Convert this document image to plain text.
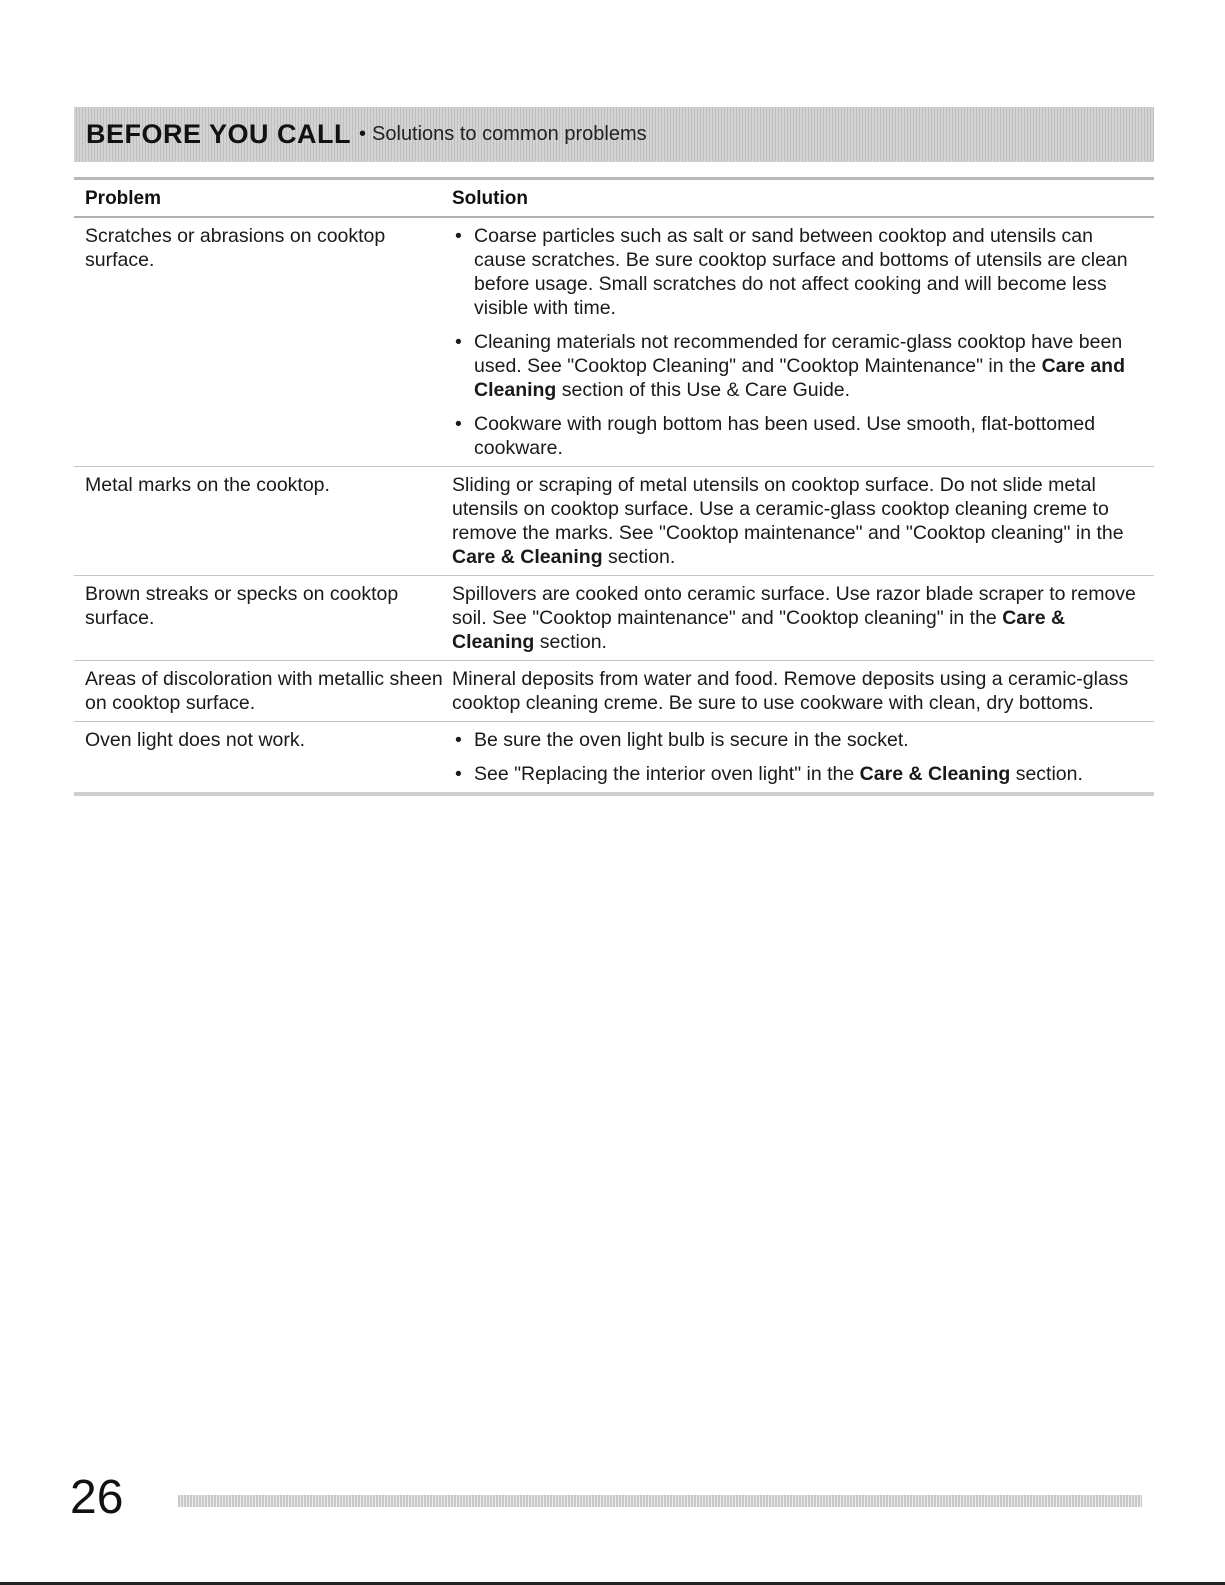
BEFORE YOU CALL • Solutions to common problems
Problem	Solution
Scratches or abrasions on cooktop surface.
• Coarse particles such as salt or sand between cooktop and utensils can cause scratches. Be sure cooktop surface and bottoms of utensils are clean before usage. Small scratches do not affect cooking and will become less visible with time.
• Cleaning materials not recommended for ceramic-glass cooktop have been used. See "Cooktop Cleaning" and "Cooktop Maintenance" in the Care and Cleaning section of this Use & Care Guide.
• Cookware with rough bottom has been used. Use smooth, flat-bottomed cookware.
Metal marks on the cooktop.	Sliding or scraping of metal utensils on cooktop surface. Do not slide metal utensils on cooktop surface. Use a ceramic-glass cooktop cleaning creme to remove the marks. See "Cooktop maintenance" and "Cooktop cleaning" in the Care & Cleaning section.
Brown streaks or specks on cooktop surface.
Spillovers are cooked onto ceramic surface. Use razor blade scraper to remove soil. See "Cooktop maintenance" and "Cooktop cleaning" in the Care & Cleaning section.
Areas of discoloration with metallic sheen on cooktop surface.
Mineral deposits from water and food. Remove deposits using a ceramic-glass cooktop cleaning creme. Be sure to use cookware with clean, dry bottoms.
Oven light does not work.
•	Be sure the oven light bulb is secure in the socket.
• See "Replacing the interior oven light" in the Care & Cleaning section.
26
